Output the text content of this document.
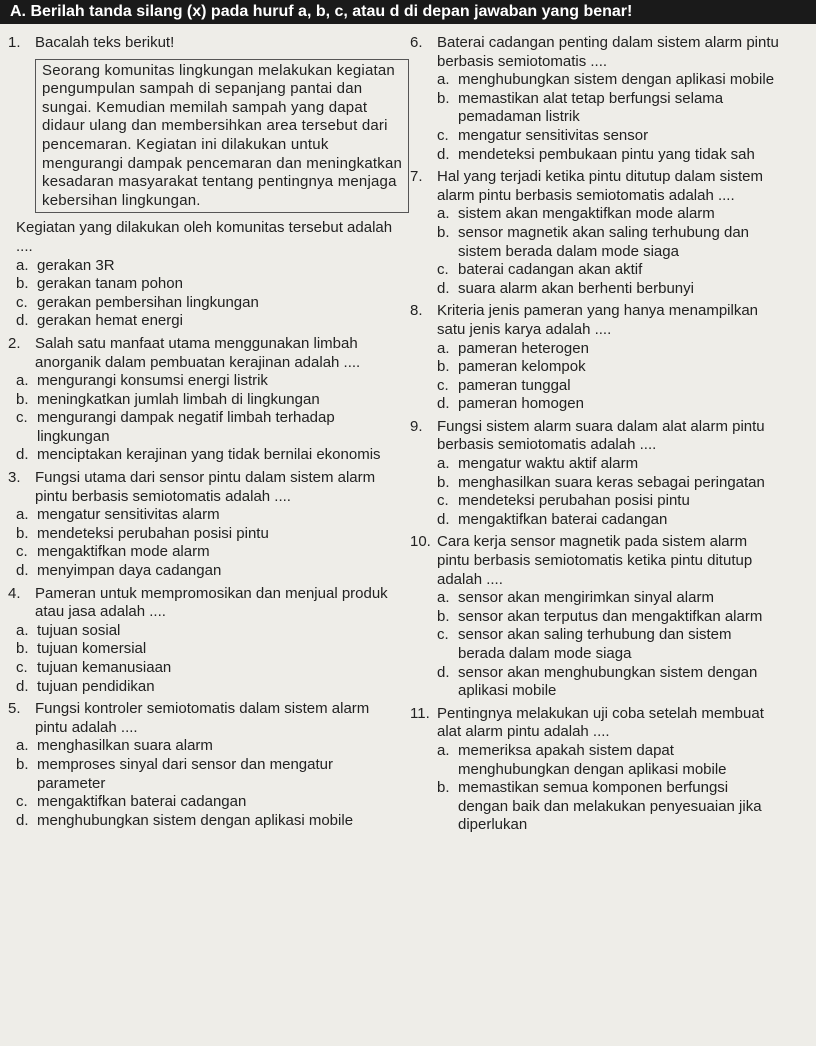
A. Berilah tanda silang (x) pada huruf a, b, c, atau d di depan jawaban yang benar!
1. Bacalah teks berikut!
Seorang komunitas lingkungan melakukan kegiatan pengumpulan sampah di sepanjang pantai dan sungai. Kemudian memilah sampah yang dapat didaur ulang dan membersihkan area tersebut dari pencemaran. Kegiatan ini dilakukan untuk mengurangi dampak pencemaran dan meningkatkan kesadaran masyarakat tentang pentingnya menjaga kebersihan lingkungan.
Kegiatan yang dilakukan oleh komunitas tersebut adalah ....
a. gerakan 3R
b. gerakan tanam pohon
c. gerakan pembersihan lingkungan
d. gerakan hemat energi
2. Salah satu manfaat utama menggunakan limbah anorganik dalam pembuatan kerajinan adalah ....
a. mengurangi konsumsi energi listrik
b. meningkatkan jumlah limbah di lingkungan
c. mengurangi dampak negatif limbah terhadap lingkungan
d. menciptakan kerajinan yang tidak bernilai ekonomis
3. Fungsi utama dari sensor pintu dalam sistem alarm pintu berbasis semiotomatis adalah ....
a. mengatur sensitivitas alarm
b. mendeteksi perubahan posisi pintu
c. mengaktifkan mode alarm
d. menyimpan daya cadangan
4. Pameran untuk mempromosikan dan menjual produk atau jasa adalah ....
a. tujuan sosial
b. tujuan komersial
c. tujuan kemanusiaan
d. tujuan pendidikan
5. Fungsi kontroler semiotomatis dalam sistem alarm pintu adalah ....
a. menghasilkan suara alarm
b. memproses sinyal dari sensor dan mengatur parameter
c. mengaktifkan baterai cadangan
d. menghubungkan sistem dengan aplikasi mobile
6. Baterai cadangan penting dalam sistem alarm pintu berbasis semiotomatis ....
a. menghubungkan sistem dengan aplikasi mobile
b. memastikan alat tetap berfungsi selama pemadaman listrik
c. mengatur sensitivitas sensor
d. mendeteksi pembukaan pintu yang tidak sah
7. Hal yang terjadi ketika pintu ditutup dalam sistem alarm pintu berbasis semiotomatis adalah ....
a. sistem akan mengaktifkan mode alarm
b. sensor magnetik akan saling terhubung dan sistem berada dalam mode siaga
c. baterai cadangan akan aktif
d. suara alarm akan berhenti berbunyi
8. Kriteria jenis pameran yang hanya menampilkan satu jenis karya adalah ....
a. pameran heterogen
b. pameran kelompok
c. pameran tunggal
d. pameran homogen
9. Fungsi sistem alarm suara dalam alat alarm pintu berbasis semiotomatis adalah ....
a. mengatur waktu aktif alarm
b. menghasilkan suara keras sebagai peringatan
c. mendeteksi perubahan posisi pintu
d. mengaktifkan baterai cadangan
10. Cara kerja sensor magnetik pada sistem alarm pintu berbasis semiotomatis ketika pintu ditutup adalah ....
a. sensor akan mengirimkan sinyal alarm
b. sensor akan terputus dan mengaktifkan alarm
c. sensor akan saling terhubung dan sistem berada dalam mode siaga
d. sensor akan menghubungkan sistem dengan aplikasi mobile
11. Pentingnya melakukan uji coba setelah membuat alat alarm pintu adalah ....
a. memeriksa apakah sistem dapat menghubungkan dengan aplikasi mobile
b. memastikan semua komponen berfungsi dengan baik dan melakukan penyesuaian jika diperlukan
